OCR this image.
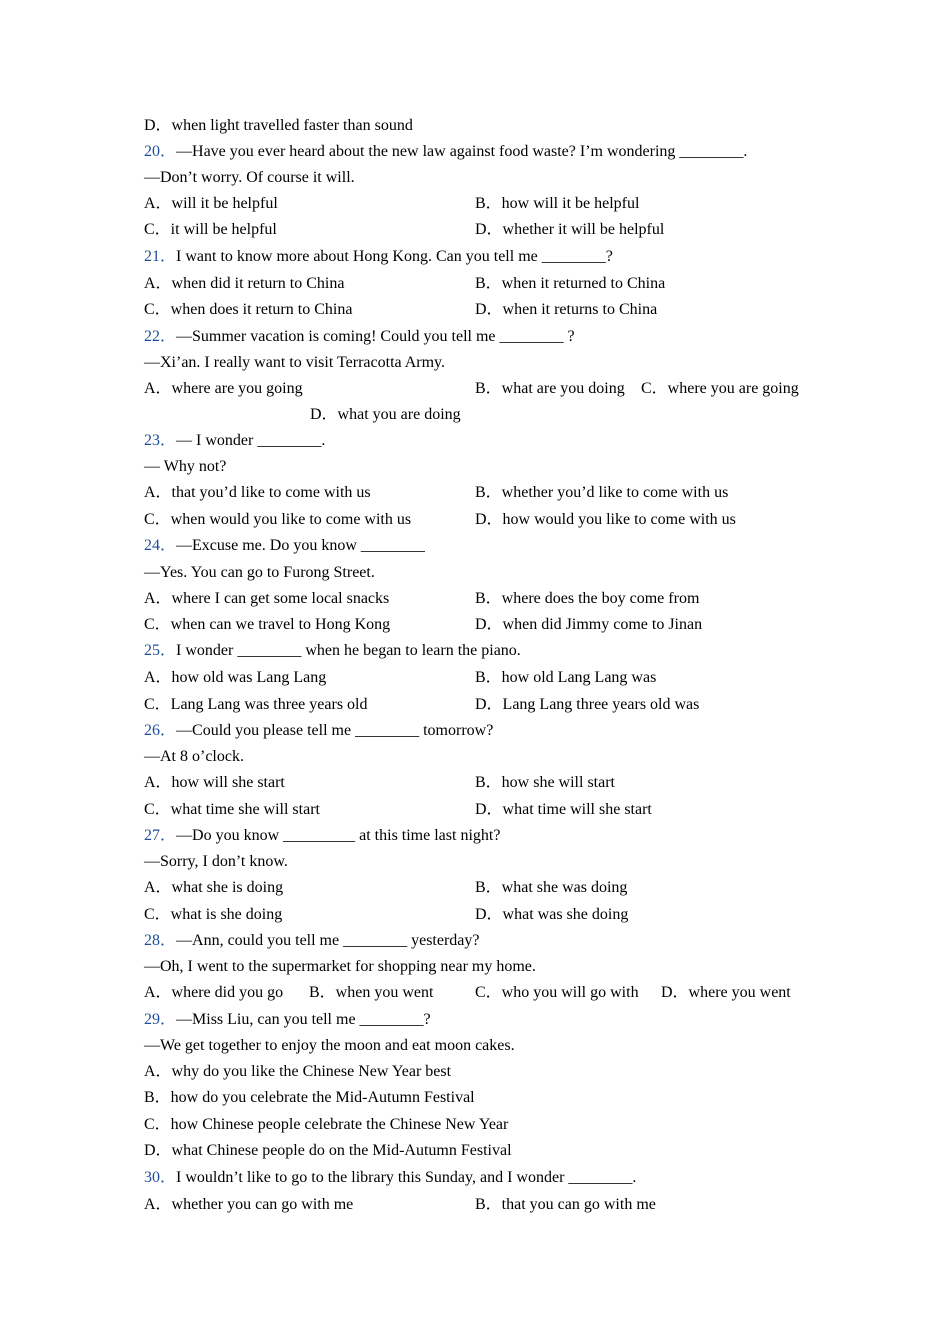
D．when light travelled faster than sound
20．—Have you ever heard about the new law against food waste? I’m wondering ________.
—Don’t worry. Of course it will.
A．will it be helpful	B．how will it be helpful
C．it will be helpful	D．whether it will be helpful
21．I want to know more about Hong Kong. Can you tell me ________?
A．when did it return to China	B．when it returned to China
C．when does it return to China	D．when it returns to China
22．—Summer vacation is coming! Could you tell me ________ ?
—Xi’an. I really want to visit Terracotta Army.
A．where are you going	B．what are you doing C．where you are going
D．what you are doing
23．— I wonder ________.
— Why not?
A．that you’d like to come with us	B．whether you’d like to come with us
C．when would you like to come with us	D．how would you like to come with us
24．—Excuse me. Do you know ________
—Yes. You can go to Furong Street.
A．where I can get some local snacks	B．where does the boy come from
C．when can we travel to Hong Kong	D．when did Jimmy come to Jinan
25．I wonder ________ when he began to learn the piano.
A．how old was Lang Lang	B．how old Lang Lang was
C．Lang Lang was three years old	D．Lang Lang three years old was
26．—Could you please tell me ________ tomorrow?
—At 8 o’clock.
A．how will she start	B．how she will start
C．what time she will start	D．what time will she start
27．—Do you know _________ at this time last night?
—Sorry, I don’t know.
A．what she is doing	B．what she was doing
C．what is she doing	D．what was she doing
28．—Ann, could you tell me ________ yesterday?
—Oh, I went to the supermarket for shopping near my home.
A．where did you go B．when you went	C．who you will go with D．where you went
29．—Miss Liu, can you tell me ________?
—We get together to enjoy the moon and eat moon cakes.
A．why do you like the Chinese New Year best
B．how do you celebrate the Mid-Autumn Festival
C．how Chinese people celebrate the Chinese New Year
D．what Chinese people do on the Mid-Autumn Festival
30．I wouldn’t like to go to the library this Sunday, and I wonder ________.
A．whether you can go with me	B．that you can go with me
